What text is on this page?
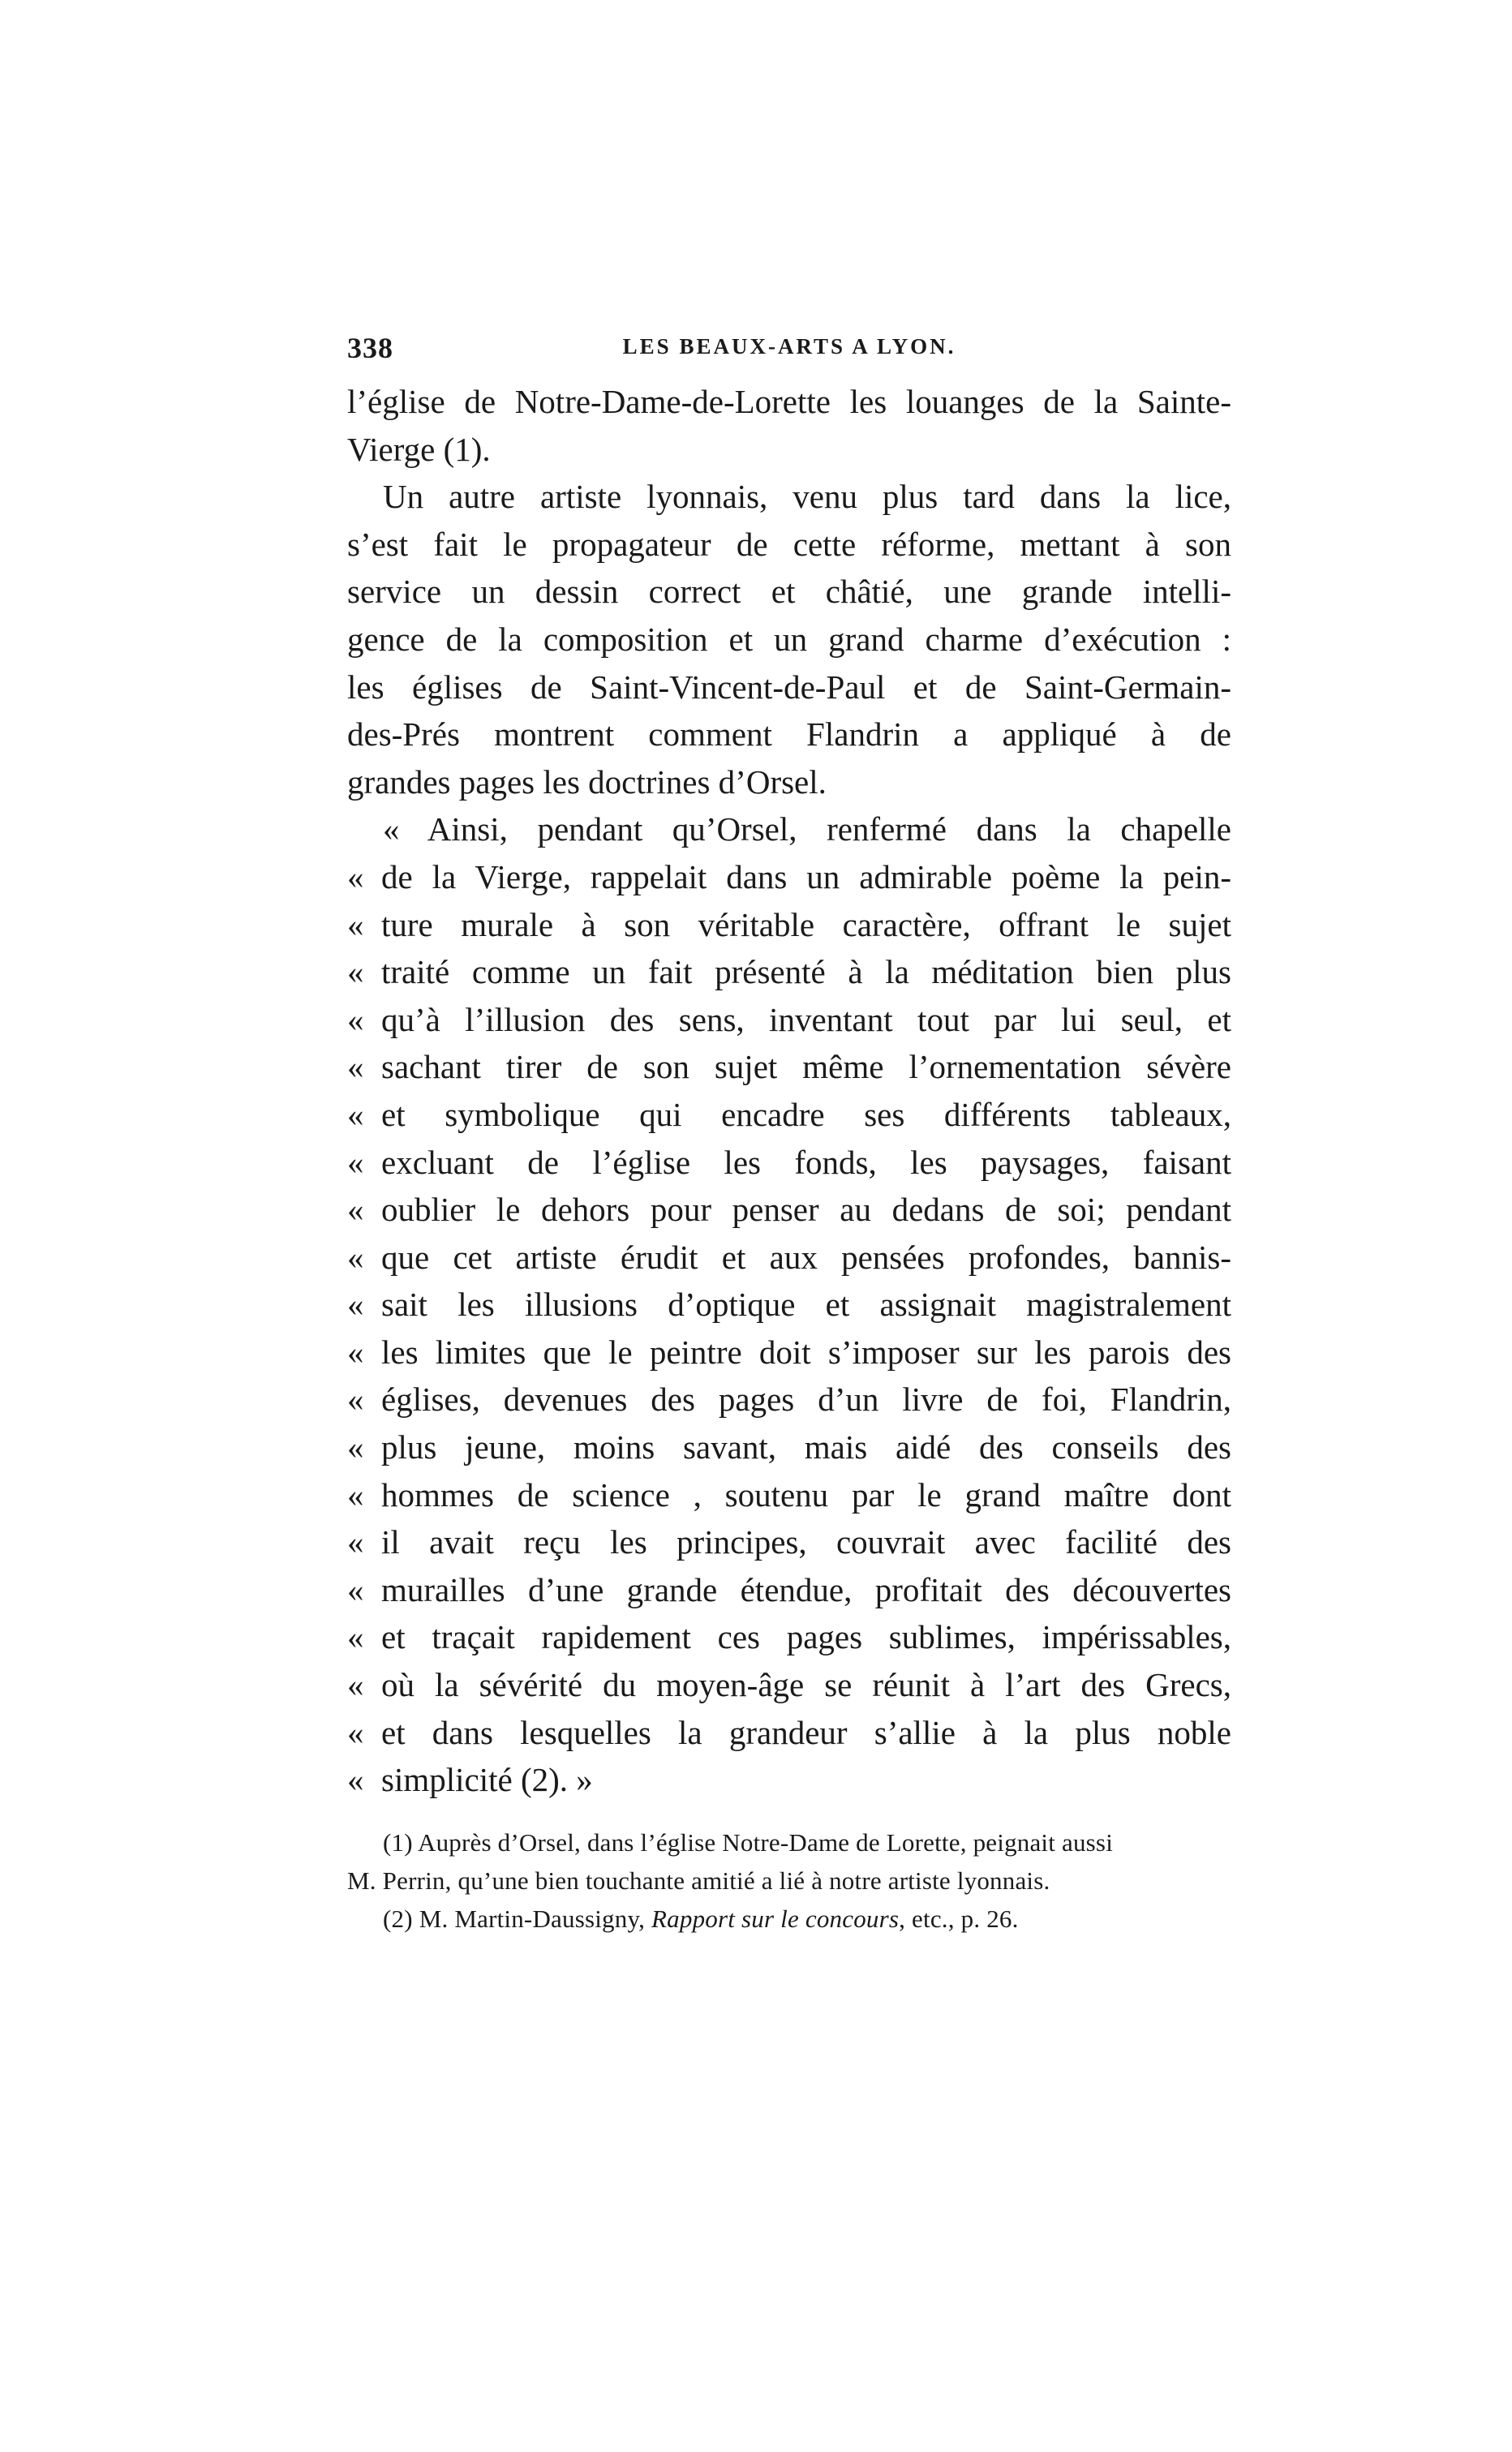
338	LES BEAUX-ARTS A LYON.
l’église de Notre-Dame-de-Lorette les louanges de la Sainte-
Vierge (1).
Un autre artiste lyonnais, venu plus tard dans la lice,
s’est fait le propagateur de cette réforme, mettant à son
service un dessin correct et châtié, une grande intelli-
gence de la composition et un grand charme d’exécution :
les églises de Saint-Vincent-de-Paul et de Saint-Germain-
des-Prés montrent comment Flandrin a appliqué à de
grandes pages les doctrines d’Orsel.
« Ainsi, pendant qu’Orsel, renfermé dans la chapelle
« de la Vierge, rappelait dans un admirable poème la pein-
« ture murale à son véritable caractère, offrant le sujet
« traité comme un fait présenté à la méditation bien plus
« qu’à l’illusion des sens, inventant tout par lui seul, et
« sachant tirer de son sujet même l’ornementation sévère
« et symbolique qui encadre ses différents tableaux,
« excluant de l’église les fonds, les paysages, faisant
« oublier le dehors pour penser au dedans de soi; pendant
« que cet artiste érudit et aux pensées profondes, bannis-
« sait les illusions d’optique et assignait magistralement
« les limites que le peintre doit s’imposer sur les parois des
« églises, devenues des pages d’un livre de foi, Flandrin,
« plus jeune, moins savant, mais aidé des conseils des
« hommes de science , soutenu par le grand maître dont
« il avait reçu les principes, couvrait avec facilité des
« murailles d’une grande étendue, profitait des découvertes
« et traçait rapidement ces pages sublimes, impérissables,
« où la sévérité du moyen-âge se réunit à l’art des Grecs,
« et dans lesquelles la grandeur s’allie à la plus noble
« simplicité (2). »
(1) Auprès d’Orsel, dans l’église Notre-Dame de Lorette, peignait aussi
M. Perrin, qu’une bien touchante amitié a lié à notre artiste lyonnais.
(2) M. Martin-Daussigny, Rapport sur le concours, etc., p. 26.
